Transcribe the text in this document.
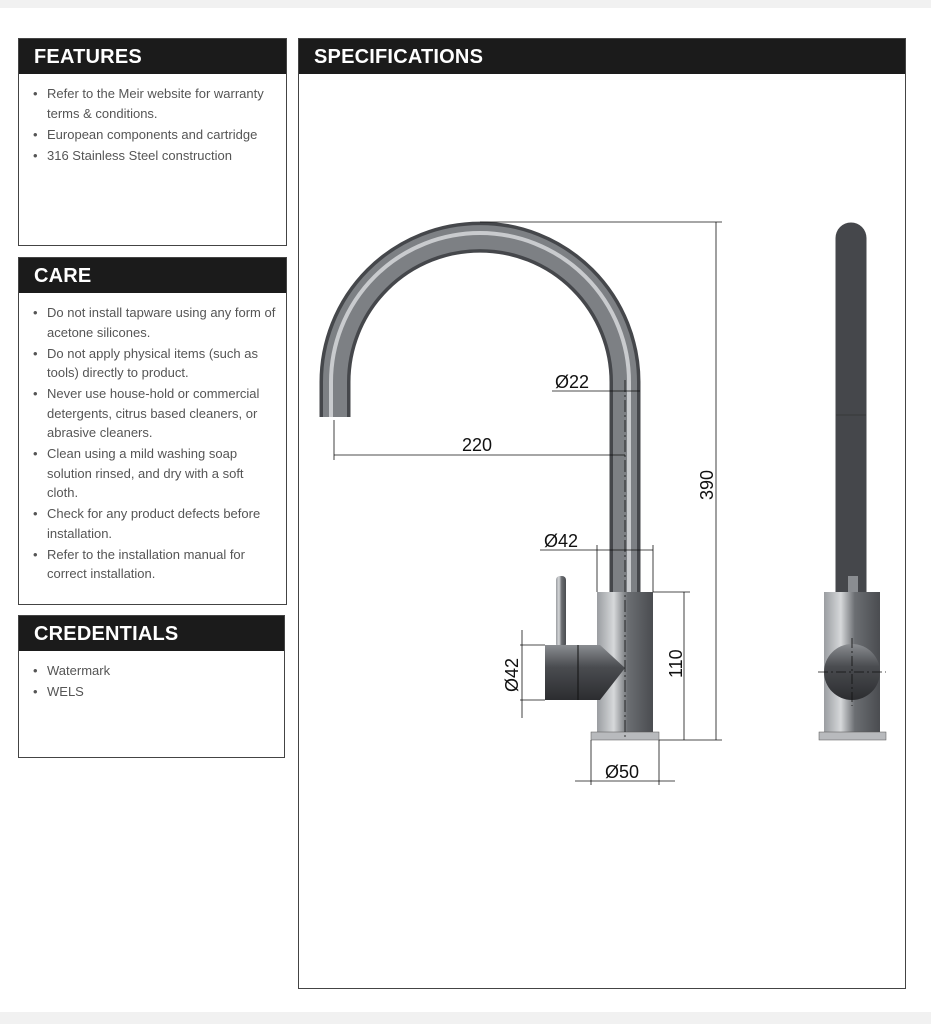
FEATURES
• Refer to the Meir website for warranty terms & conditions.
• European components and cartridge
• 316 Stainless Steel construction
CARE
• Do not install tapware using any form of acetone silicones.
• Do not apply physical items (such as tools) directly to product.
• Never use house-hold or commercial detergents, citrus based cleaners, or abrasive cleaners.
• Clean using a mild washing soap solution rinsed, and dry with a soft cloth.
• Check for any product defects before installation.
• Refer to the installation manual for correct installation.
CREDENTIALS
• Watermark
• WELS
SPECIFICATIONS
Ø22
220
Ø42
390
110
Ø42
Ø50
